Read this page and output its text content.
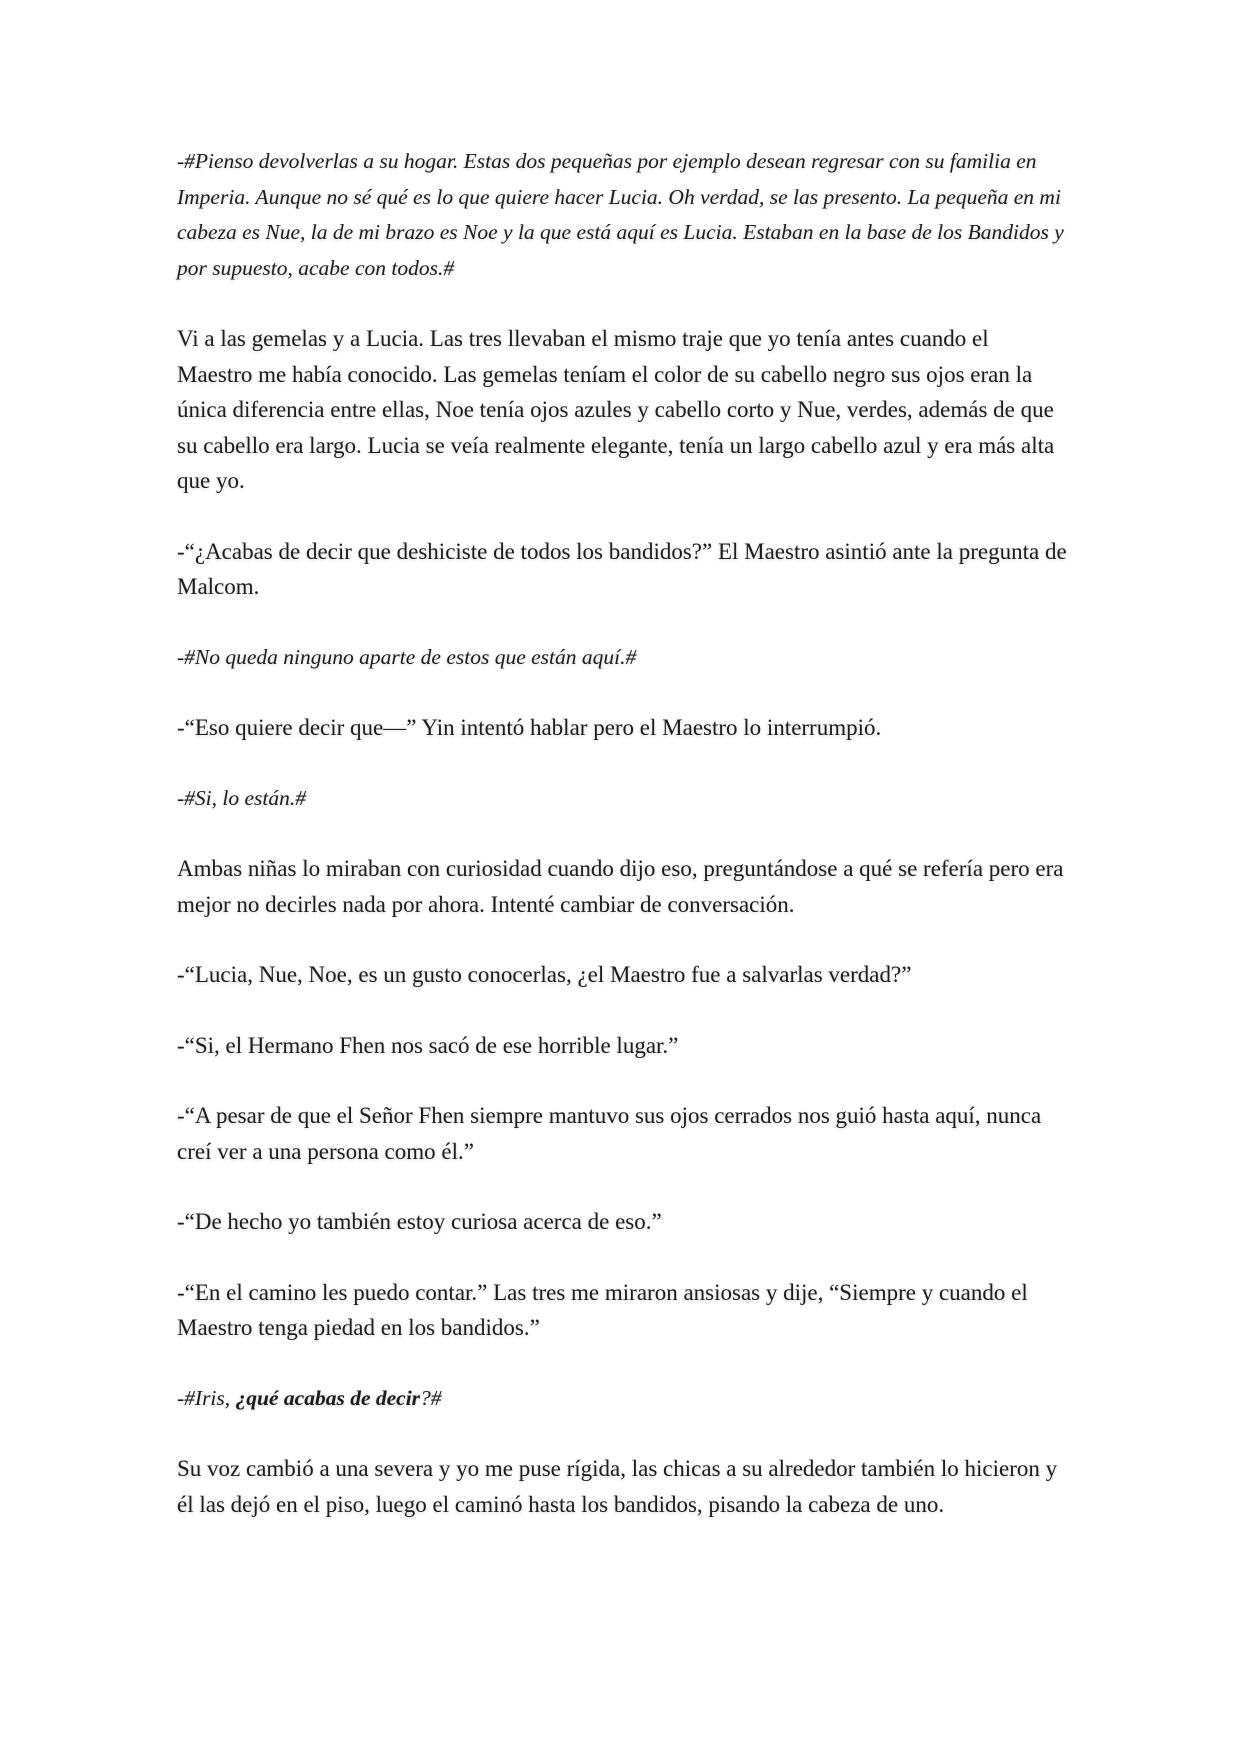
-#Pienso devolverlas a su hogar. Estas dos pequeñas por ejemplo desean regresar con su familia en Imperia. Aunque no sé qué es lo que quiere hacer Lucia. Oh verdad, se las presento. La pequeña en mi cabeza es Nue, la de mi brazo es Noe y la que está aquí es Lucia. Estaban en la base de los Bandidos y por supuesto, acabe con todos.#

Vi a las gemelas y a Lucia. Las tres llevaban el mismo traje que yo tenía antes cuando el Maestro me había conocido. Las gemelas teníam el color de su cabello negro sus ojos eran la única diferencia entre ellas, Noe tenía ojos azules y cabello corto y Nue, verdes, además de que su cabello era largo. Lucia se veía realmente elegante, tenía un largo cabello azul y era más alta que yo.

-“¿Acabas de decir que deshiciste de todos los bandidos?” El Maestro asintió ante la pregunta de Malcom.

-#No queda ninguno aparte de estos que están aquí.#

-“Eso quiere decir que—” Yin intentó hablar pero el Maestro lo interrumpió.

-#Si, lo están.#

Ambas niñas lo miraban con curiosidad cuando dijo eso, preguntándose a qué se refería pero era mejor no decirles nada por ahora. Intenté cambiar de conversación.

-“Lucia, Nue, Noe, es un gusto conocerlas, ¿el Maestro fue a salvarlas verdad?”

-“Si, el Hermano Fhen nos sacó de ese horrible lugar.”

-“A pesar de que el Señor Fhen siempre mantuvo sus ojos cerrados nos guió hasta aquí, nunca creí ver a una persona como él.”

-“De hecho yo también estoy curiosa acerca de eso.”

-“En el camino les puedo contar.” Las tres me miraron ansiosas y dije, “Siempre y cuando el Maestro tenga piedad en los bandidos.”

-#Iris, ¿qué acabas de decir?#

Su voz cambió a una severa y yo me puse rígida, las chicas a su alrededor también lo hicieron y él las dejó en el piso, luego el caminó hasta los bandidos, pisando la cabeza de uno.
